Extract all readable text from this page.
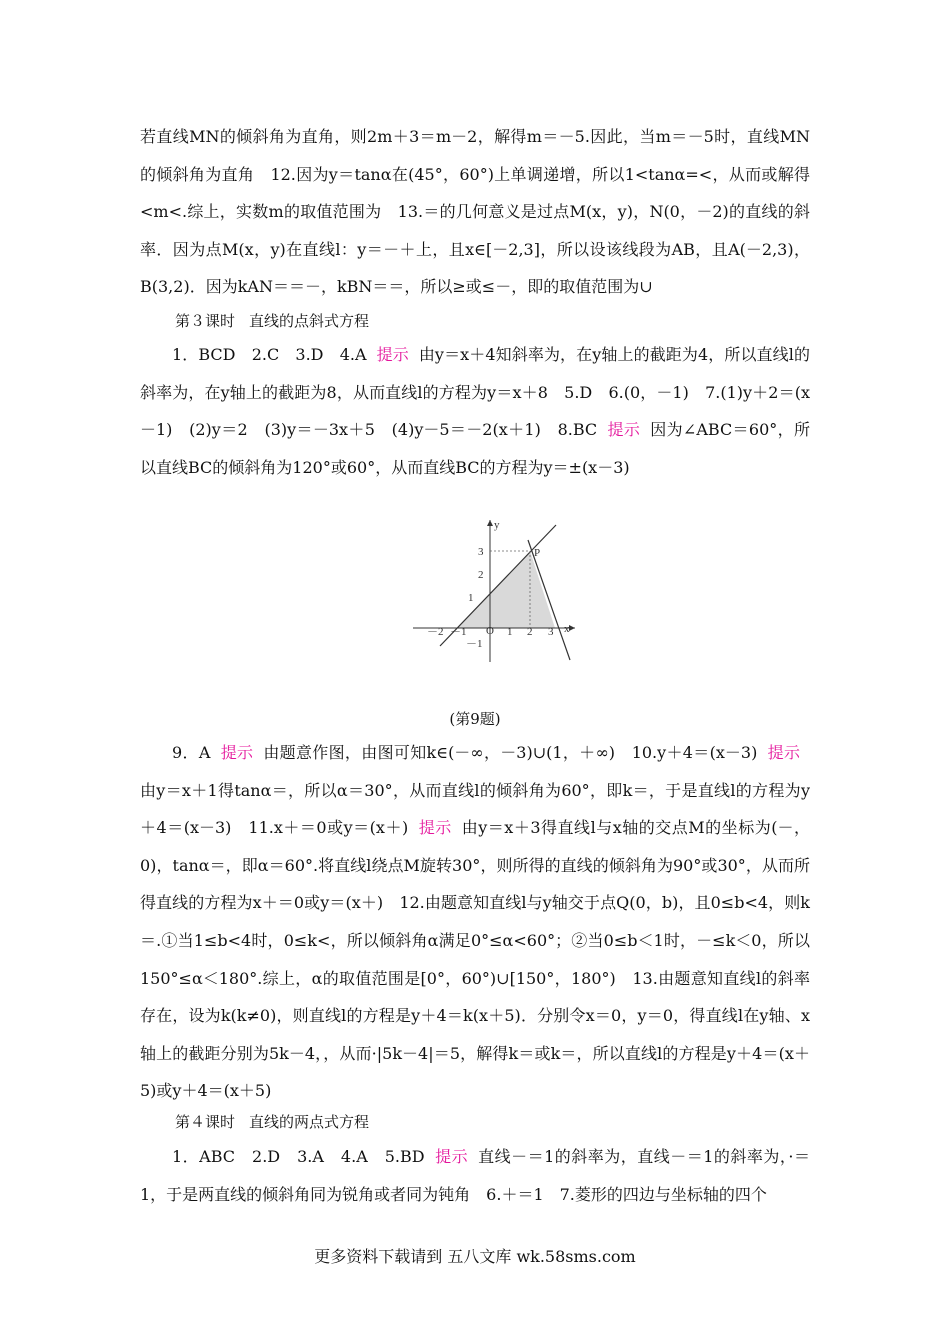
若直线MN的倾斜角为直角，则2m＋3＝m－2，解得m＝－5.因此，当m＝－5时，直线MN的倾斜角为直角　12.因为y＝tanα在(45°，60°)上单调递增，所以1<tanα=<，从而或解得<m<.综上，实数m的取值范围为　13.＝的几何意义是过点M(x，y)，N(0，－2)的直线的斜率．因为点M(x，y)在直线l：y＝－＋上，且x∈[－2,3]，所以设该线段为AB，且A(－2,3)，B(3,2)．因为kAN＝＝－，kBN＝＝，所以≥或≤－，即的取值范围为∪

第３课时 直线的点斜式方程

1．BCD　2.C　3.D　4.A 提示 由y＝x＋4知斜率为，在y轴上的截距为4，所以直线l的斜率为，在y轴上的截距为8，从而直线l的方程为y＝x＋8　5.D　6.(0，－1)　7.(1)y＋2＝(x－1)　(2)y＝2　(3)y＝－3x＋5　(4)y－5＝－2(x＋1)　8.BC 提示 因为∠ABC＝60°，所以直线BC的倾斜角为120°或60°，从而直线BC的方程为y＝±(x－3)

y
x
O
P
－2 －1	1 2 3
3
2
1
－1

(第9题)

9．A 提示 由题意作图，由图可知k∈(－∞，－3)∪(1，＋∞)　10.y＋4＝(x－3) 提示由y＝x＋1得tanα＝，所以α＝30°，从而直线l的倾斜角为60°，即k＝，于是直线l的方程为y＋4＝(x－3)　11.x＋＝0或y＝(x＋) 提示 由y＝x＋3得直线l与x轴的交点M的坐标为(－，0)，tanα＝，即α＝60°.将直线l绕点M旋转30°，则所得的直线的倾斜角为90°或30°，从而所得直线的方程为x＋＝0或y＝(x＋)　12.由题意知直线l与y轴交于点Q(0，b)，且0≤b<4，则k＝.①当1≤b<4时，0≤k<，所以倾斜角α满足0°≤α<60°；②当0≤b＜1时，－≤k＜0，所以150°≤α＜180°.综上，α的取值范围是[0°，60°)∪[150°，180°)　13.由题意知直线l的斜率存在，设为k(k≠0)，则直线l的方程是y＋4＝k(x＋5)．分别令x＝0，y＝0，得直线l在y轴、x轴上的截距分别为5k－4，，从而·|5k－4|＝5，解得k＝或k＝，所以直线l的方程是y＋4＝(x＋5)或y＋4＝(x＋5)

第４课时 直线的两点式方程

1．ABC　2.D　3.A　4.A　5.BD 提示 直线－＝1的斜率为，直线－＝1的斜率为，·＝1，于是两直线的倾斜角同为锐角或者同为钝角　6.＋＝1　7.菱形的四边与坐标轴的四个

更多资料下载请到 五八文库 wk.58sms.com
